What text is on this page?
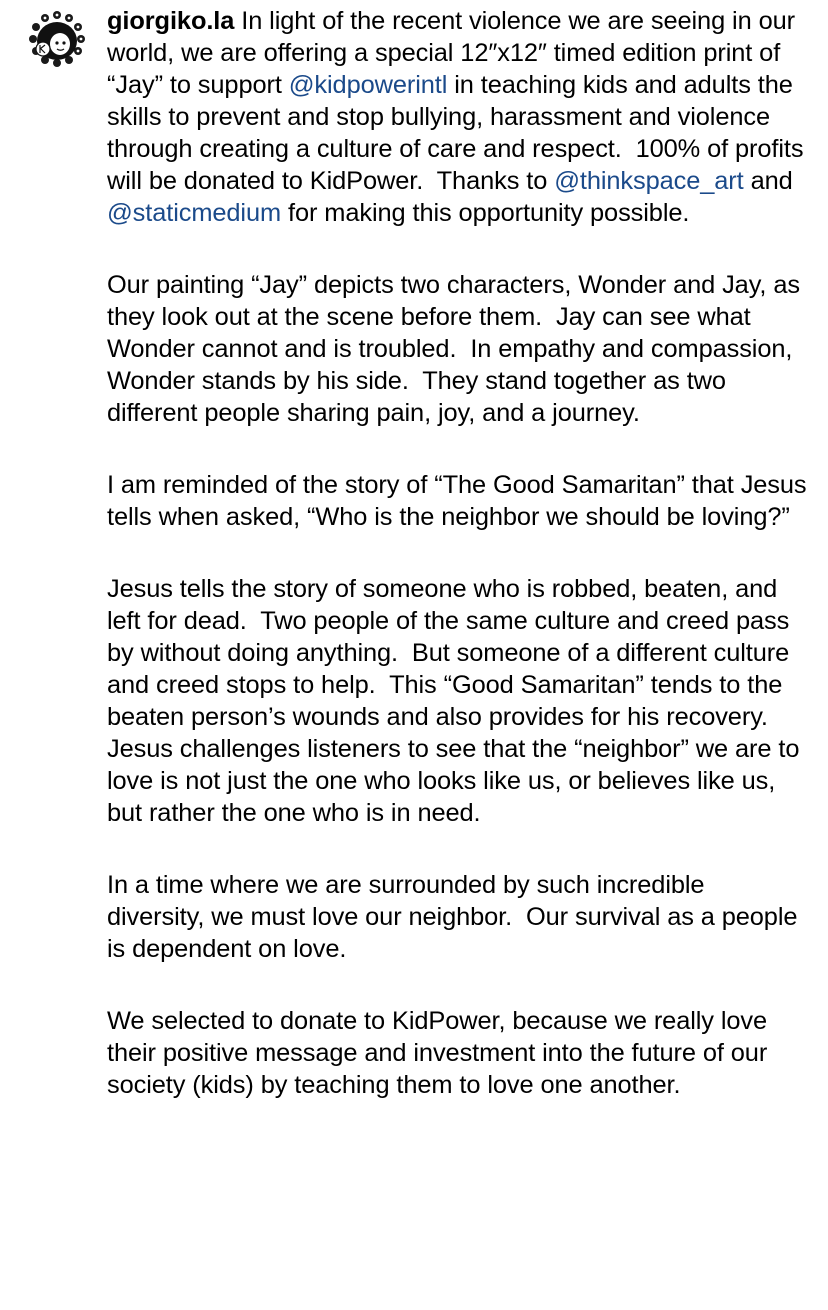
giorgiko.la In light of the recent violence we are seeing in our world, we are offering a special 12″x12″ timed edition print of “Jay” to support @kidpowerintl in teaching kids and adults the skills to prevent and stop bullying, harassment and violence through creating a culture of care and respect.  100% of profits will be donated to KidPower.  Thanks to @thinkspace_art and @staticmedium for making this opportunity possible.

Our painting “Jay” depicts two characters, Wonder and Jay, as they look out at the scene before them.  Jay can see what Wonder cannot and is troubled.  In empathy and compassion, Wonder stands by his side.  They stand together as two different people sharing pain, joy, and a journey.

I am reminded of the story of “The Good Samaritan” that Jesus tells when asked, “Who is the neighbor we should be loving?”

Jesus tells the story of someone who is robbed, beaten, and left for dead.  Two people of the same culture and creed pass by without doing anything.  But someone of a different culture and creed stops to help.  This “Good Samaritan” tends to the beaten person’s wounds and also provides for his recovery.  Jesus challenges listeners to see that the “neighbor” we are to love is not just the one who looks like us, or believes like us, but rather the one who is in need.

In a time where we are surrounded by such incredible diversity, we must love our neighbor.  Our survival as a people is dependent on love.

We selected to donate to KidPower, because we really love their positive message and investment into the future of our society (kids) by teaching them to love one another.
